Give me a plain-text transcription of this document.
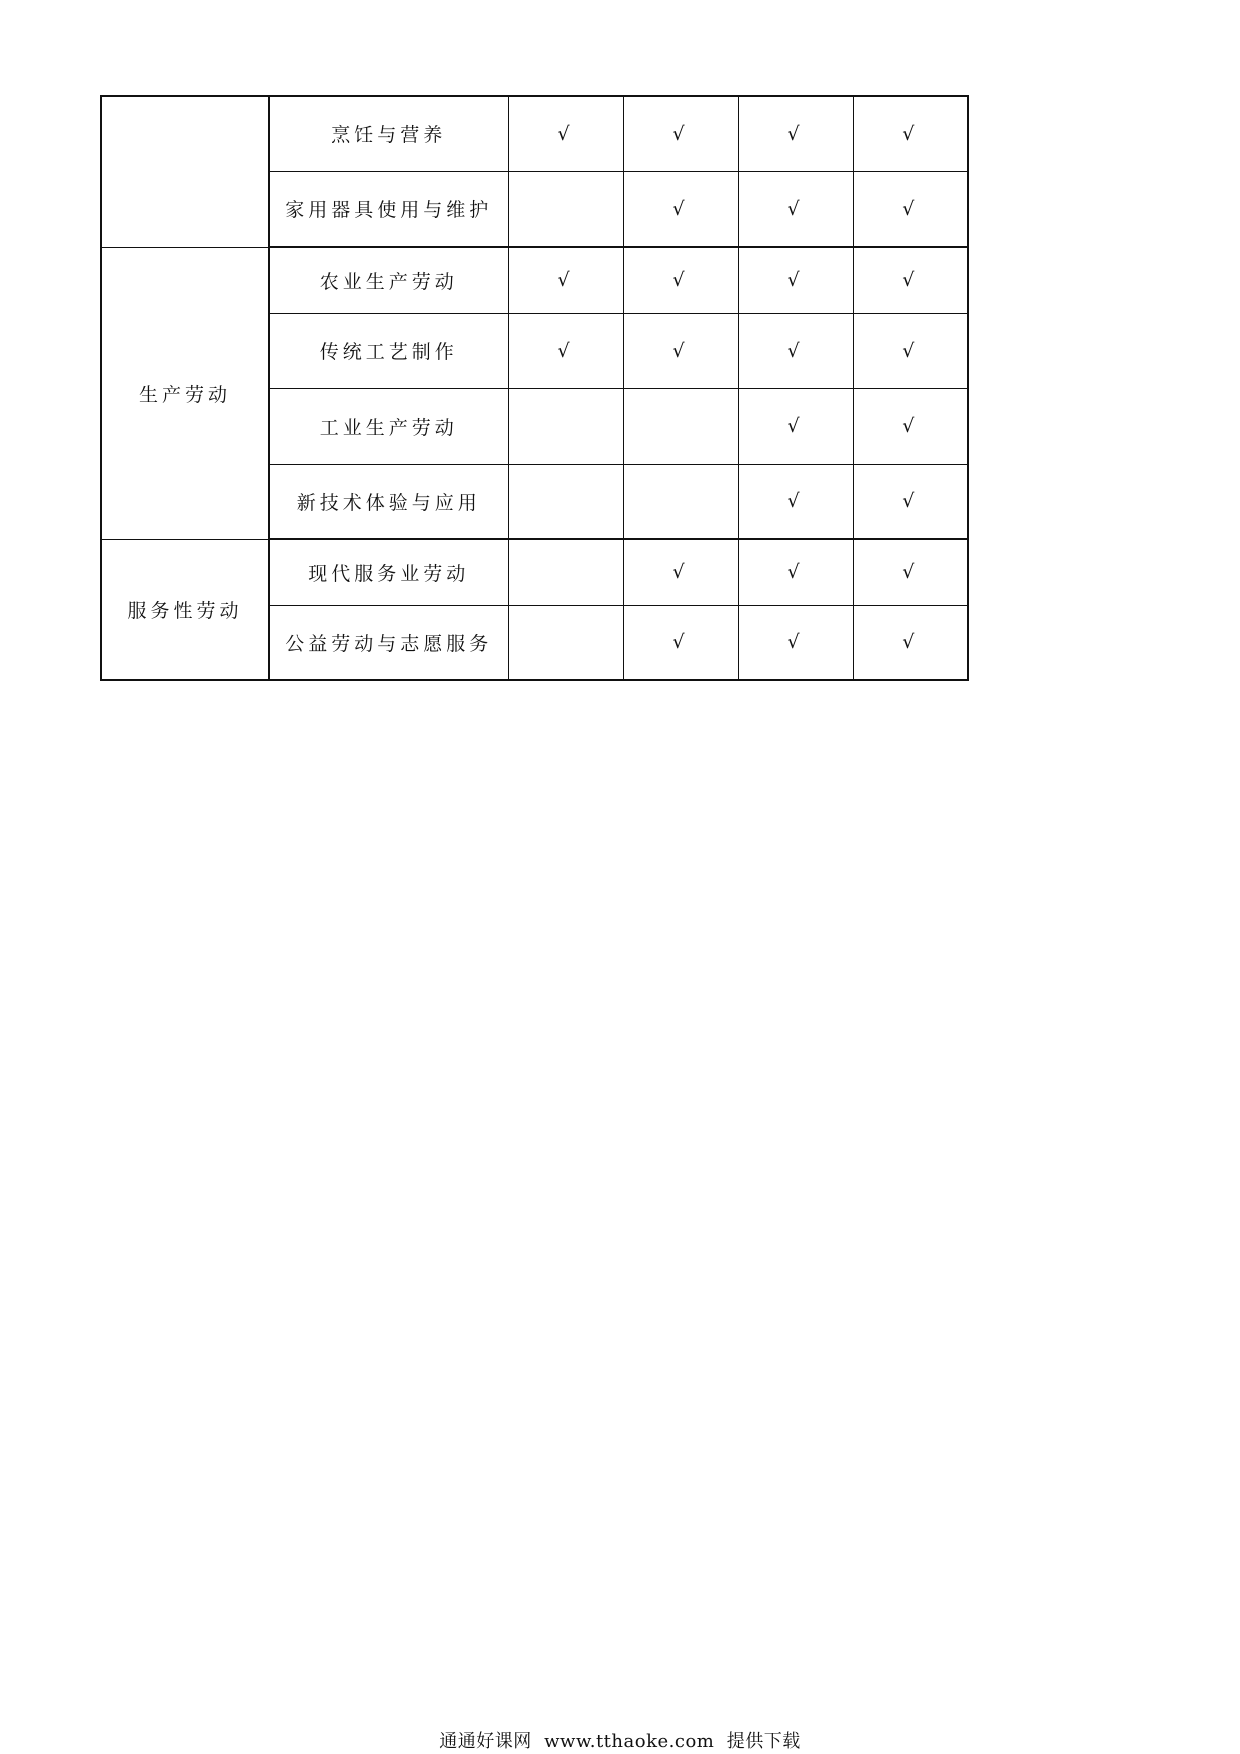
	烹饪与营养	√	√	√	√
	家用器具使用与维护		√	√	√
生产劳动	农业生产劳动	√	√	√	√
	传统工艺制作	√	√	√	√
	工业生产劳动			√	√
	新技术体验与应用			√	√
服务性劳动	现代服务业劳动		√	√	√
	公益劳动与志愿服务		√	√	√
通通好课网  www.tthaoke.com  提供下载
